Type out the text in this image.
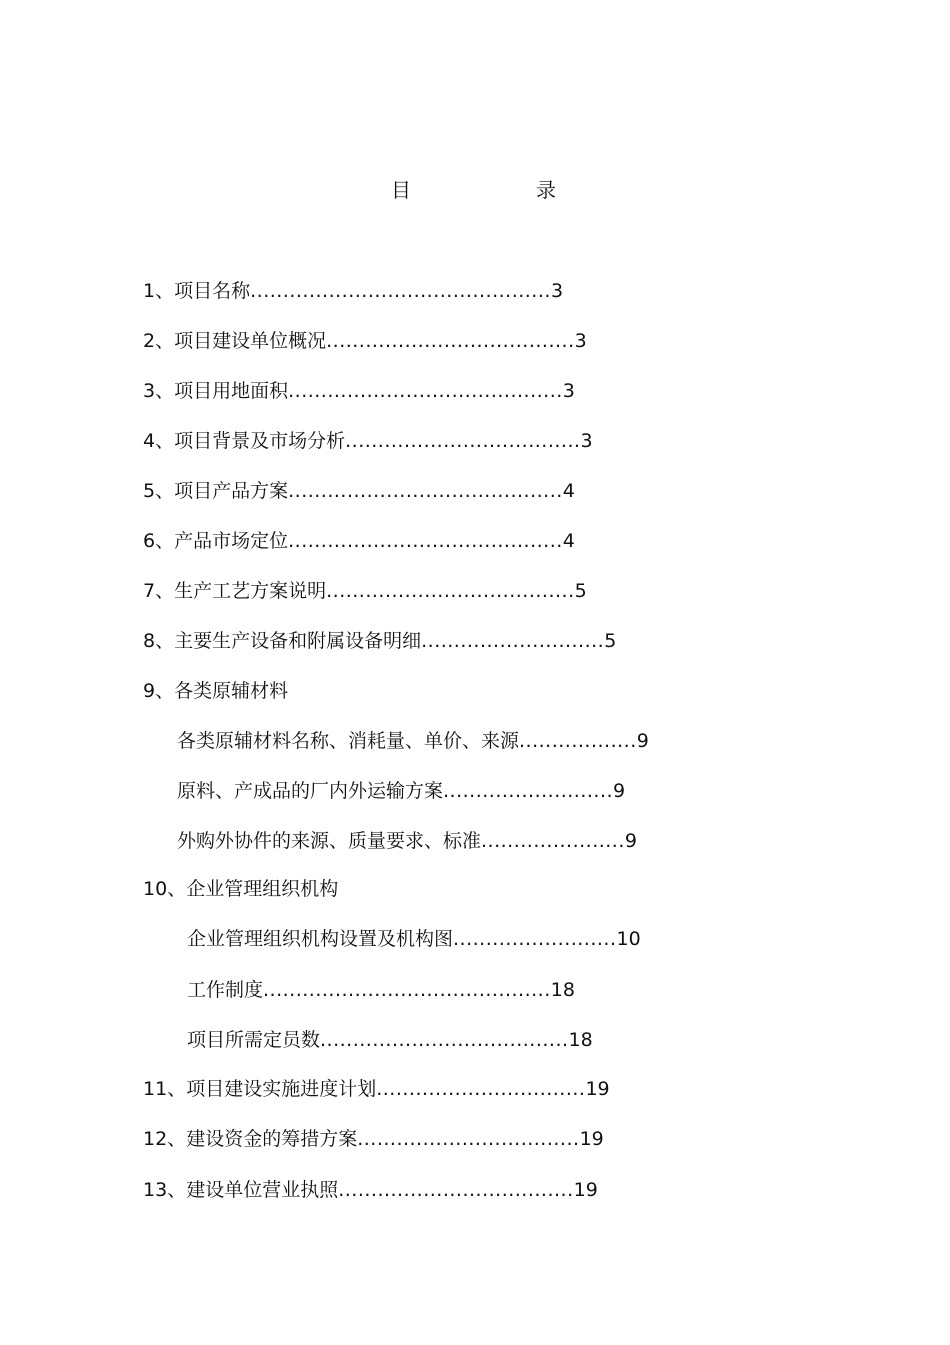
目	录
1、项目名称..............................................3
2、项目建设单位概况......................................3
3、项目用地面积..........................................3
4、项目背景及市场分析....................................3
5、项目产品方案..........................................4
6、产品市场定位..........................................4
7、生产工艺方案说明......................................5
8、主要生产设备和附属设备明细............................5
9、各类原辅材料
各类原辅材料名称、消耗量、单价、来源..................9
原料、产成品的厂内外运输方案..........................9
外购外协件的来源、质量要求、标准......................9
10、企业管理组织机构
企业管理组织机构设置及机构图.........................10
工作制度............................................18
项目所需定员数......................................18
11、项目建设实施进度计划................................19
12、建设资金的筹措方案..................................19
13、建设单位营业执照....................................19
